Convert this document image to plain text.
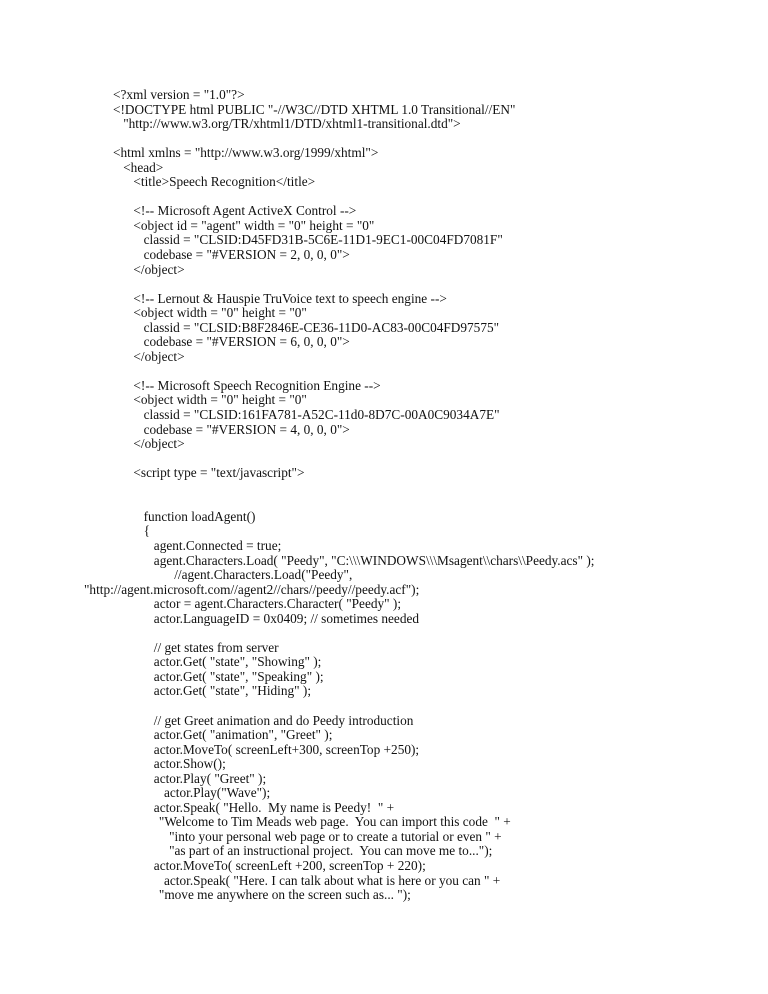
<?xml version = "1.0"?>
<!DOCTYPE html PUBLIC "-//W3C//DTD XHTML 1.0 Transitional//EN"
"http://www.w3.org/TR/xhtml1/DTD/xhtml1-transitional.dtd">
<html xmlns = "http://www.w3.org/1999/xhtml">
<head>
<title>Speech Recognition</title>
<!-- Microsoft Agent ActiveX Control -->
<object id = "agent" width = "0" height = "0"
classid = "CLSID:D45FD31B-5C6E-11D1-9EC1-00C04FD7081F"
codebase = "#VERSION = 2, 0, 0, 0">
</object>
<!-- Lernout & Hauspie TruVoice text to speech engine -->
<object width = "0" height = "0"
classid = "CLSID:B8F2846E-CE36-11D0-AC83-00C04FD97575"
codebase = "#VERSION = 6, 0, 0, 0">
</object>
<!-- Microsoft Speech Recognition Engine -->
<object width = "0" height = "0"
classid = "CLSID:161FA781-A52C-11d0-8D7C-00A0C9034A7E"
codebase = "#VERSION = 4, 0, 0, 0">
</object>
<script type = "text/javascript">
function loadAgent()
{
agent.Connected = true;
agent.Characters.Load( "Peedy", "C:\\\WINDOWS\\\Msagent\\chars\\Peedy.acs" );
//agent.Characters.Load("Peedy",
"http://agent.microsoft.com//agent2//chars//peedy//peedy.acf");
actor = agent.Characters.Character( "Peedy" );
actor.LanguageID = 0x0409; // sometimes needed
// get states from server
actor.Get( "state", "Showing" );
actor.Get( "state", "Speaking" );
actor.Get( "state", "Hiding" );
// get Greet animation and do Peedy introduction
actor.Get( "animation", "Greet" );
actor.MoveTo( screenLeft+300, screenTop +250);
actor.Show();
actor.Play( "Greet" );
actor.Play("Wave");
actor.Speak( "Hello.  My name is Peedy!  " +
"Welcome to Tim Meads web page.  You can import this code  " +
"into your personal web page or to create a tutorial or even " +
"as part of an instructional project.  You can move me to...");
actor.MoveTo( screenLeft +200, screenTop + 220);
actor.Speak( "Here. I can talk about what is here or you can " +
"move me anywhere on the screen such as... ");
